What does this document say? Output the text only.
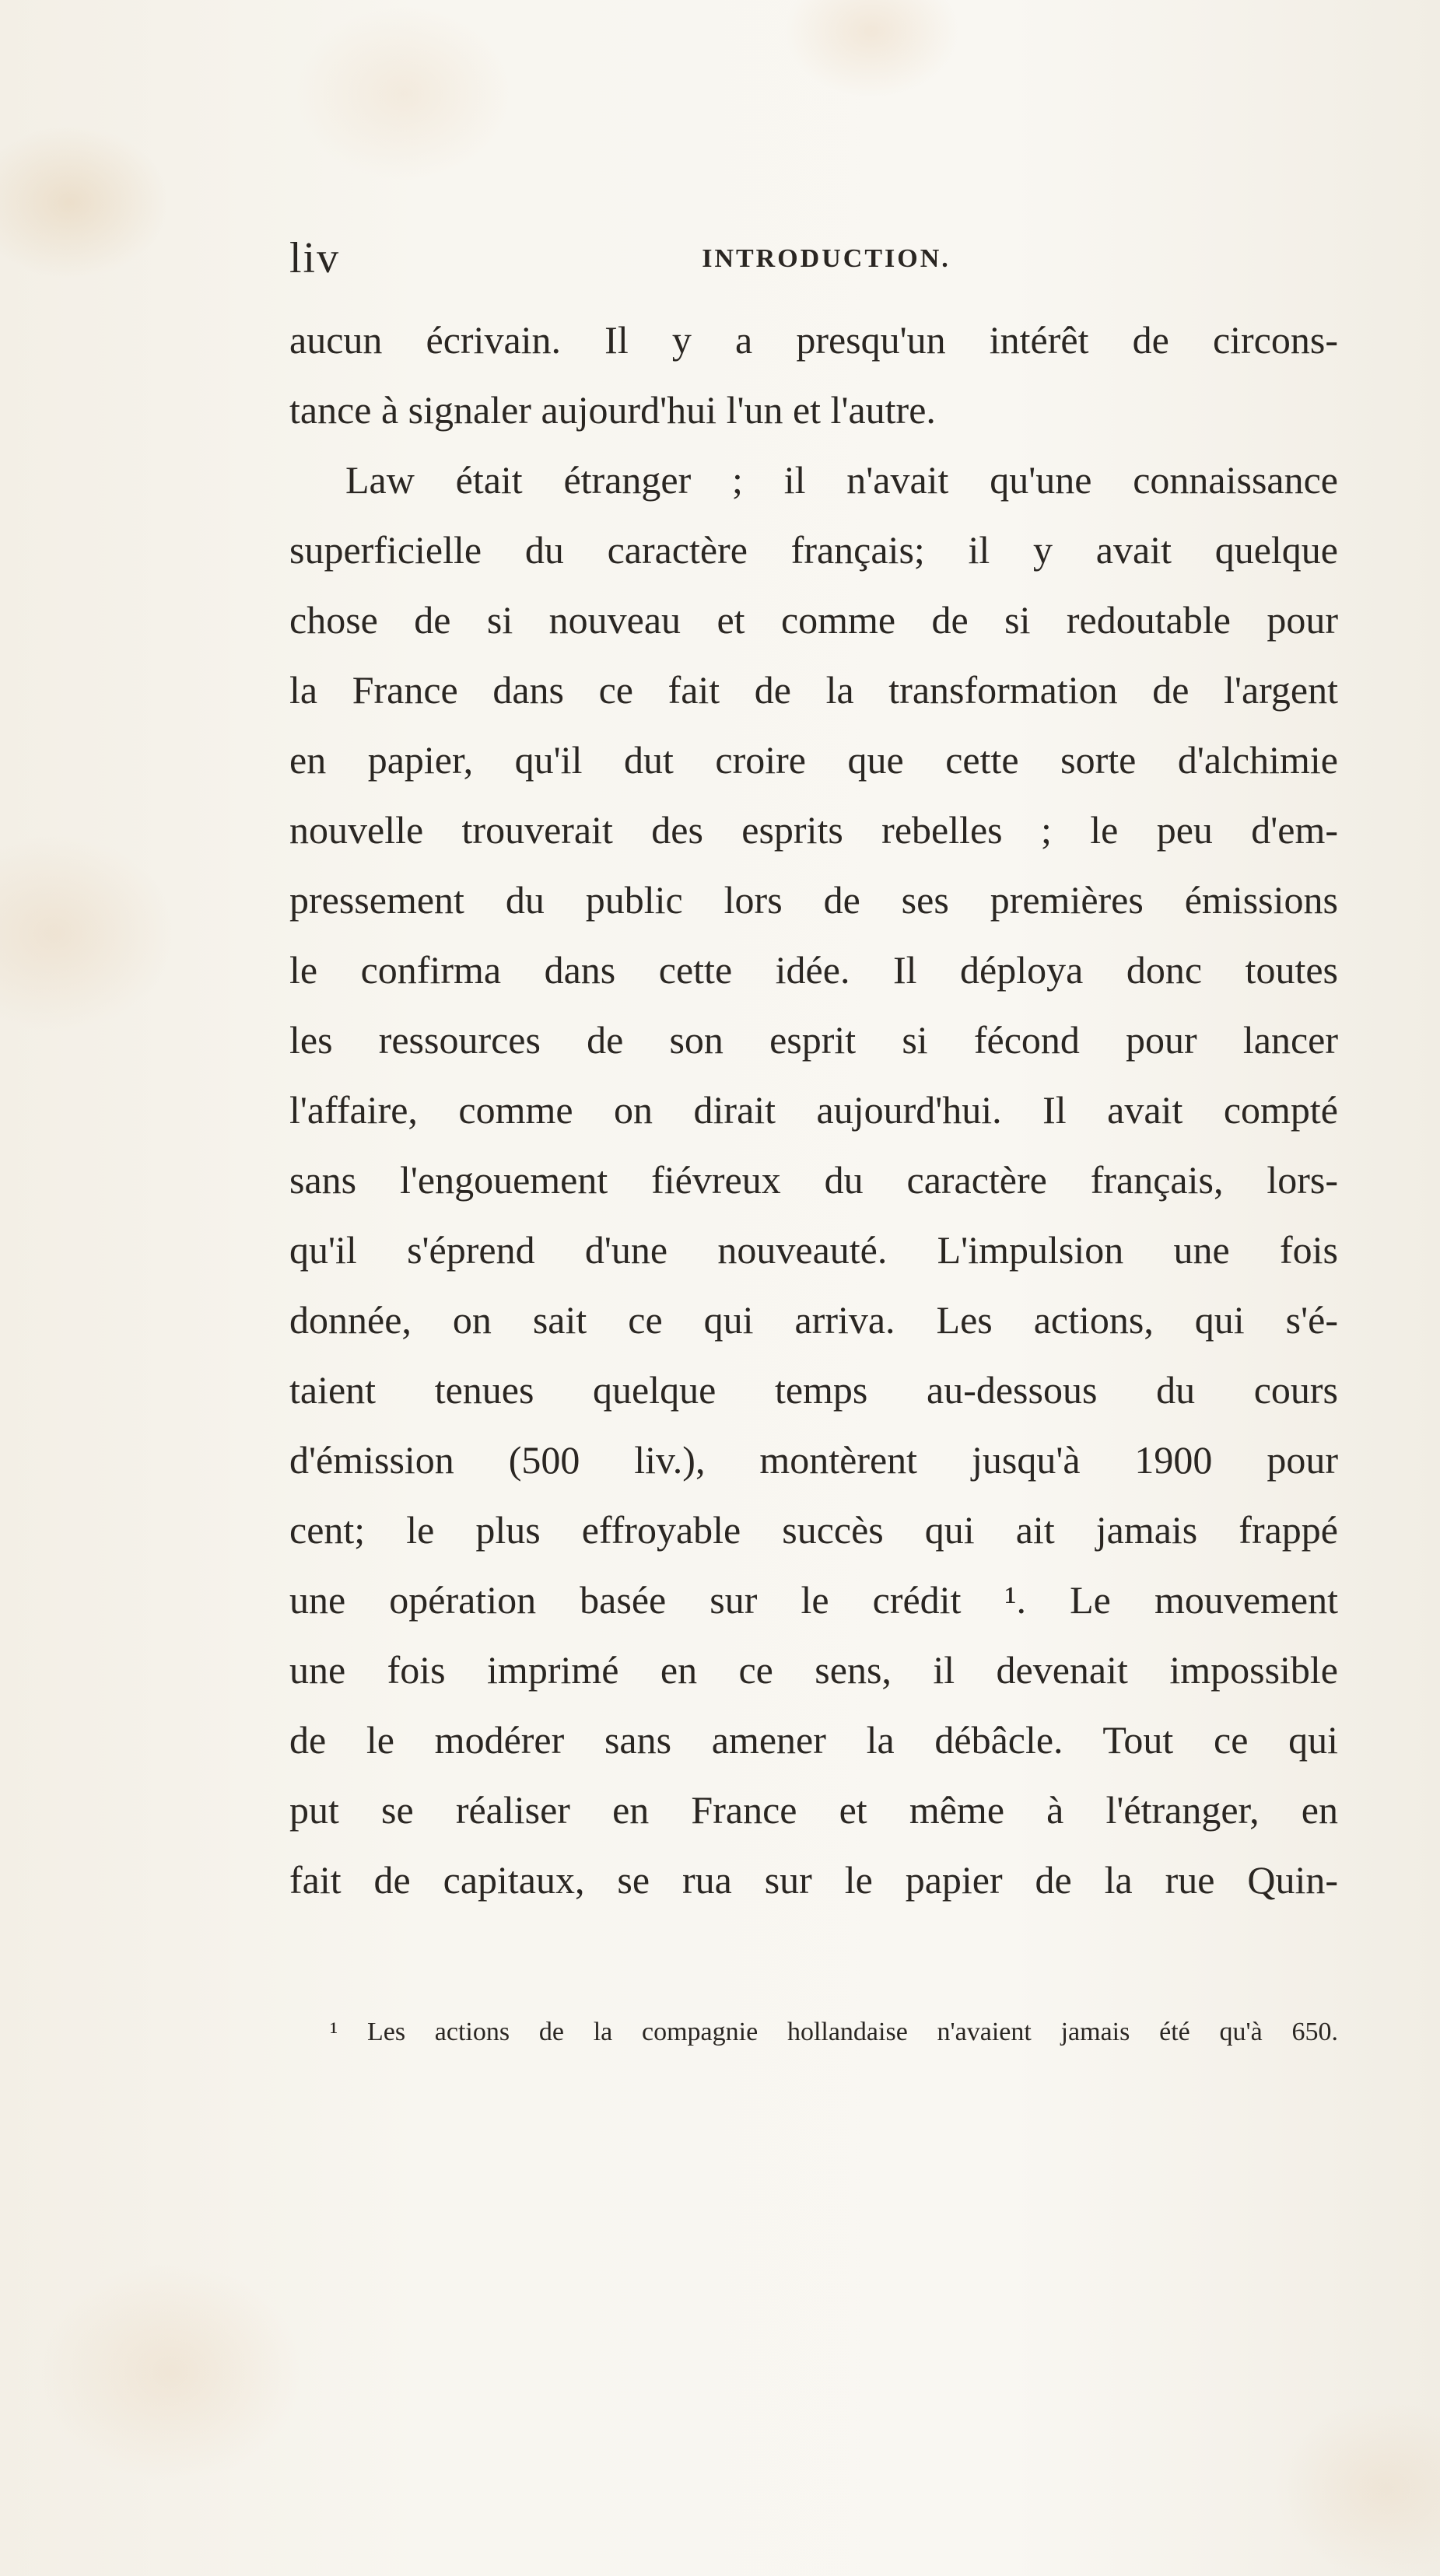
liv	INTRODUCTION.
aucun écrivain. Il y a presqu'un intérêt de circons-
tance à signaler aujourd'hui l'un et l'autre.
Law était étranger ; il n'avait qu'une connaissance
superficielle du caractère français; il y avait quelque
chose de si nouveau et comme de si redoutable pour
la France dans ce fait de la transformation de l'argent
en papier, qu'il dut croire que cette sorte d'alchimie
nouvelle trouverait des esprits rebelles ; le peu d'em-
pressement du public lors de ses premières émissions
le confirma dans cette idée. Il déploya donc toutes
les ressources de son esprit si fécond pour lancer
l'affaire, comme on dirait aujourd'hui. Il avait compté
sans l'engouement fiévreux du caractère français, lors-
qu'il s'éprend d'une nouveauté. L'impulsion une fois
donnée, on sait ce qui arriva. Les actions, qui s'é-
taient tenues quelque temps au-dessous du cours
d'émission (500 liv.), montèrent jusqu'à 1900 pour
cent; le plus effroyable succès qui ait jamais frappé
une opération basée sur le crédit ¹. Le mouvement
une fois imprimé en ce sens, il devenait impossible
de le modérer sans amener la débâcle. Tout ce qui
put se réaliser en France et même à l'étranger, en
fait de capitaux, se rua sur le papier de la rue Quin-
¹ Les actions de la compagnie hollandaise n'avaient jamais été qu'à 650.
